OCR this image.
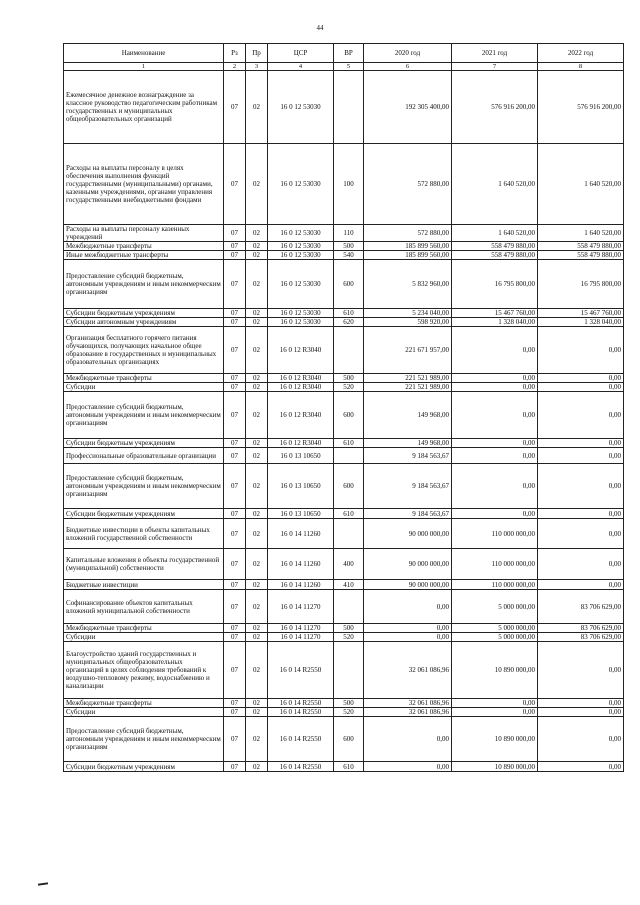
44
Наименование	Рз	Пр	ЦСР	ВР	2020 год	2021 год	2022 год
1	2	3	4	5	6	7	8
Ежемесячное денежное вознаграждение за классное руководство педагогическим работникам государственных и муниципальных общеобразовательных организаций	07	02	16 0 12 53030		192 305 400,00	576 916 200,00	576 916 200,00
Расходы на выплаты персоналу в целях обеспечения выполнения функций государственными (муниципальными) органами, казенными учреждениями, органами управления государственными внебюджетными фондами	07	02	16 0 12 53030	100	572 880,00	1 640 520,00	1 640 520,00
Расходы на выплаты персоналу казенных учреждений	07	02	16 0 12 53030	110	572 880,00	1 640 520,00	1 640 520,00
Межбюджетные трансферты	07	02	16 0 12 53030	500	185 899 560,00	558 479 880,00	558 479 880,00
Иные межбюджетные трансферты	07	02	16 0 12 53030	540	185 899 560,00	558 479 880,00	558 479 880,00
Предоставление субсидий бюджетным, автономным учреждениям и иным некоммерческим организациям	07	02	16 0 12 53030	600	5 832 960,00	16 795 800,00	16 795 800,00
Субсидии бюджетным учреждениям	07	02	16 0 12 53030	610	5 234 040,00	15 467 760,00	15 467 760,00
Субсидии автономным учреждениям	07	02	16 0 12 53030	620	598 920,00	1 328 040,00	1 328 040,00
Организация бесплатного горячего питания обучающихся, получающих начальное общее образование в государственных и муниципальных образовательных организациях	07	02	16 0 12 R3040		221 671 957,00	0,00	0,00
Межбюджетные трансферты	07	02	16 0 12 R3040	500	221 521 989,00	0,00	0,00
Субсидии	07	02	16 0 12 R3040	520	221 521 989,00	0,00	0,00
Предоставление субсидий бюджетным, автономным учреждениям и иным некоммерческим организациям	07	02	16 0 12 R3040	600	149 968,00	0,00	0,00
Субсидии бюджетным учреждениям	07	02	16 0 12 R3040	610	149 968,00	0,00	0,00
Профессиональные образовательные организации	07	02	16 0 13 10650		9 184 563,67	0,00	0,00
Предоставление субсидий бюджетным, автономным учреждениям и иным некоммерческим организациям	07	02	16 0 13 10650	600	9 184 563,67	0,00	0,00
Субсидии бюджетным учреждениям	07	02	16 0 13 10650	610	9 184 563,67	0,00	0,00
Бюджетные инвестиции в объекты капитальных вложений государственной собственности	07	02	16 0 14 11260		90 000 000,00	110 000 000,00	0,00
Капитальные вложения в объекты государственной (муниципальной) собственности	07	02	16 0 14 11260	400	90 000 000,00	110 000 000,00	0,00
Бюджетные инвестиции	07	02	16 0 14 11260	410	90 000 000,00	110 000 000,00	0,00
Софинансирование объектов капитальных вложений муниципальной собственности	07	02	16 0 14 11270		0,00	5 000 000,00	83 706 629,00
Межбюджетные трансферты	07	02	16 0 14 11270	500	0,00	5 000 000,00	83 706 629,00
Субсидии	07	02	16 0 14 11270	520	0,00	5 000 000,00	83 706 629,00
Благоустройство зданий государственных и муниципальных общеобразовательных организаций в целях соблюдения требований к воздушно-тепловому режиму, водоснабжению и канализации	07	02	16 0 14 R2550		32 061 086,96	10 890 000,00	0,00
Межбюджетные трансферты	07	02	16 0 14 R2550	500	32 061 086,96	0,00	0,00
Субсидии	07	02	16 0 14 R2550	520	32 061 086,96	0,00	0,00
Предоставление субсидий бюджетным, автономным учреждениям и иным некоммерческим организациям	07	02	16 0 14 R2550	600	0,00	10 890 000,00	0,00
Субсидии бюджетным учреждениям	07	02	16 0 14 R2550	610	0,00	10 890 000,00	0,00
